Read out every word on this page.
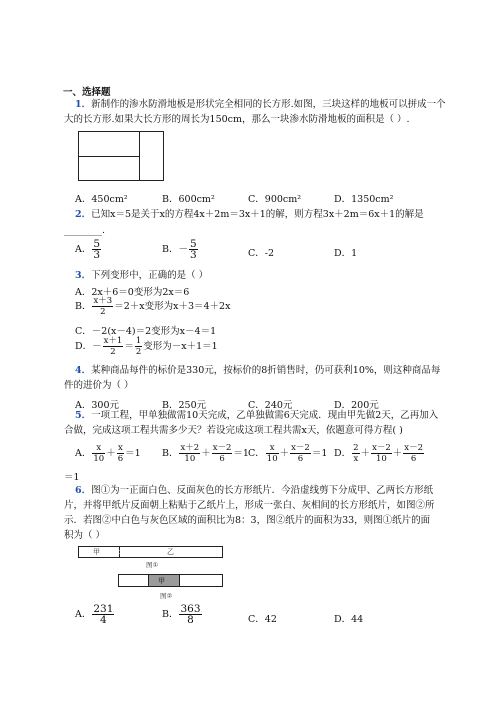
一、选择题
1．新制作的渗水防滑地板是形状完全相同的长方形.如图，三块这样的地板可以拼成一个
大的长方形.如果大长方形的周长为150cm，那么一块渗水防滑地板的面积是（ ）.
A．450cm²	B．600cm²	C．900cm²	D．1350cm²
2．已知x＝5是关于x的方程4x＋2m＝3x＋1的解，则方程3x＋2m＝6x＋1的解是
________.
A． $\frac{5}{3}$	B．－ $\frac{5}{3}$	C．-2	D．1
3．下列变形中，正确的是（ ）
A．2x＋6＝0变形为2x＝6
B． $\frac{x+3}{2} =2+x$变形为x＋3＝4＋2x
C．－2(x－4)＝2变形为x－4＝1
D．－ $\frac{x+1}{2} = \frac{1}{2}$ 变形为－x＋1＝1
4．某种商品每件的标价是330元，按标价的8折销售时，仍可获利10%，则这种商品每
件的进价为（ ）
A．300元	B．250元	C．240元	D．200元
5．一项工程，甲单独做需10天完成，乙单独做需6天完成．现由甲先做2天，乙再加入
合做，完成这项工程共需多少天？若设完成这项工程共需x天，依题意可得方程( )
A． $\frac{x}{10} + \frac{x}{6} =1$ B． $\frac{x+2}{10} + \frac{x-2}{6} =1$ C． $\frac{x}{10} + \frac{x-2}{6} =1$ D． $\frac{2}{x} + \frac{x-2}{10} + \frac{x-2}{6}$
＝1
6．图①为一正面白色、反面灰色的长方形纸片．今沿虚线剪下分成甲、乙两长方形纸
片，并将甲纸片反面朝上粘贴于乙纸片上，形成一张白、灰相间的长方形纸片，如图②所
示．若图②中白色与灰色区域的面积比为8：3，图②纸片的面积为33，则图①纸片的面
积为（ ）
甲	乙
图①
甲
图②
A． $\frac{231}{4}$	B． $\frac{363}{8}$	C．42	D．44
